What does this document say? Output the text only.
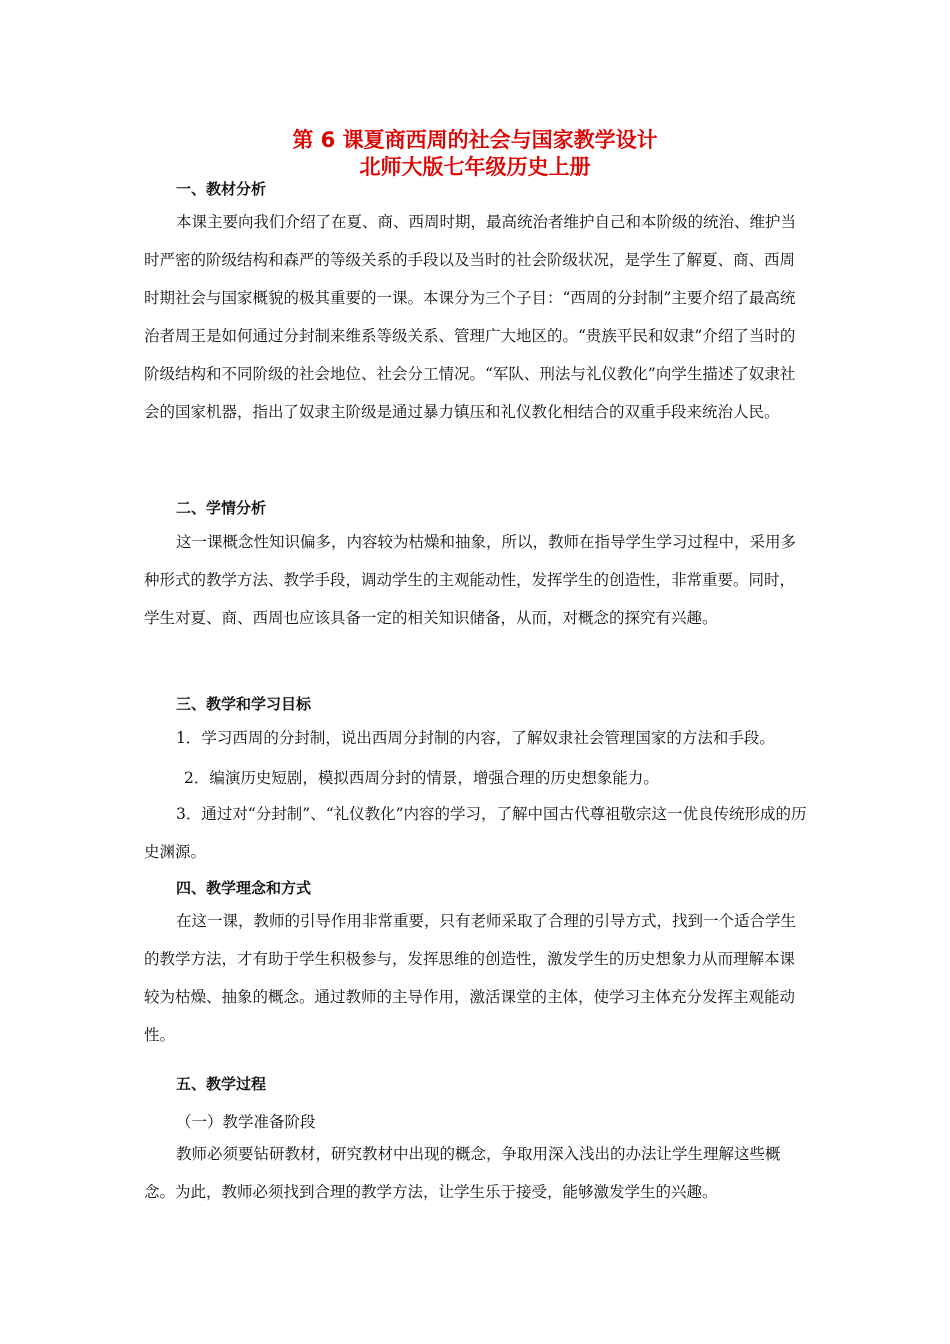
第 6 课夏商西周的社会与国家教学设计
北师大版七年级历史上册
一、教材分析
本课主要向我们介绍了在夏、商、西周时期，最高统治者维护自己和本阶级的统治、维护当时严密的阶级结构和森严的等级关系的手段以及当时的社会阶级状况，是学生了解夏、商、西周时期社会与国家概貌的极其重要的一课。本课分为三个子目：“西周的分封制”主要介绍了最高统治者周王是如何通过分封制来维系等级关系、管理广大地区的。“贵族平民和奴隶”介绍了当时的阶级结构和不同阶级的社会地位、社会分工情况。“军队、刑法与礼仪教化”向学生描述了奴隶社会的国家机器，指出了奴隶主阶级是通过暴力镇压和礼仪教化相结合的双重手段来统治人民。
二、学情分析
这一课概念性知识偏多，内容较为枯燥和抽象，所以，教师在指导学生学习过程中，采用多种形式的教学方法、教学手段，调动学生的主观能动性，发挥学生的创造性，非常重要。同时，学生对夏、商、西周也应该具备一定的相关知识储备，从而，对概念的探究有兴趣。
三、教学和学习目标
1．学习西周的分封制，说出西周分封制的内容，了解奴隶社会管理国家的方法和手段。
2．编演历史短剧，模拟西周分封的情景，增强合理的历史想象能力。
3．通过对“分封制”、“礼仪教化”内容的学习，了解中国古代尊祖敬宗这一优良传统形成的历史渊源。
四、教学理念和方式
在这一课，教师的引导作用非常重要，只有老师采取了合理的引导方式，找到一个适合学生的教学方法，才有助于学生积极参与，发挥思维的创造性，激发学生的历史想象力从而理解本课较为枯燥、抽象的概念。通过教师的主导作用，激活课堂的主体，使学习主体充分发挥主观能动性。
五、教学过程
（一）教学准备阶段
教师必须要钻研教材，研究教材中出现的概念，争取用深入浅出的办法让学生理解这些概念。为此，教师必须找到合理的教学方法，让学生乐于接受，能够激发学生的兴趣。
